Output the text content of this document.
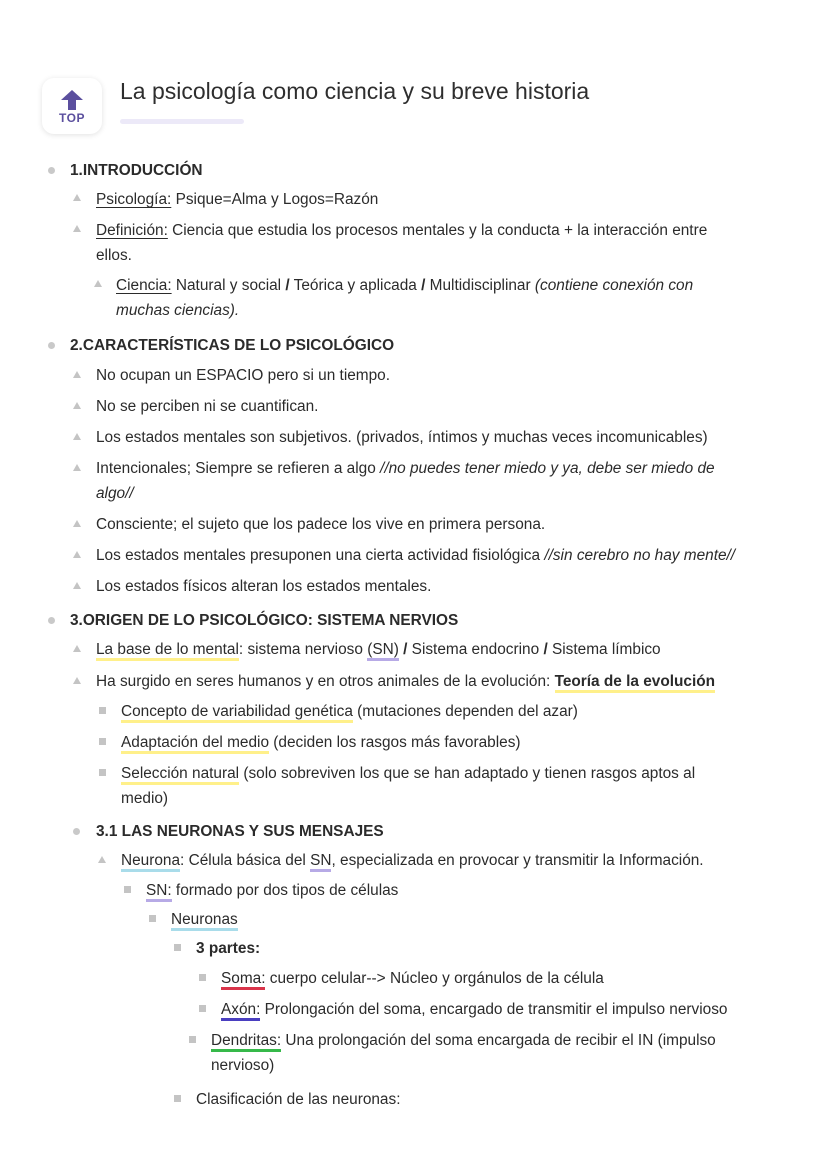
TOP
La psicología como ciencia y su breve historia
1.INTRODUCCIÓN
Psicología: Psique=Alma y Logos=Razón
Definición: Ciencia que estudia los procesos mentales y la conducta + la interacción entre
ellos.
Ciencia: Natural y social / Teórica y aplicada / Multidisciplinar (contiene conexión con
muchas ciencias).
2.CARACTERÍSTICAS DE LO PSICOLÓGICO
No ocupan un ESPACIO pero si un tiempo.
No se perciben ni se cuantifican.
Los estados mentales son subjetivos. (privados, íntimos y muchas veces incomunicables)
Intencionales; Siempre se refieren a algo //no puedes tener miedo y ya, debe ser miedo de
algo//
Consciente; el sujeto que los padece los vive en primera persona.
Los estados mentales presuponen una cierta actividad fisiológica //sin cerebro no hay mente//
Los estados físicos alteran los estados mentales.
3.ORIGEN DE LO PSICOLÓGICO: SISTEMA NERVIOS
La base de lo mental: sistema nervioso (SN) / Sistema endocrino / Sistema límbico
Ha surgido en seres humanos y en otros animales de la evolución: Teoría de la evolución
Concepto de variabilidad genética (mutaciones dependen del azar)
Adaptación del medio (deciden los rasgos más favorables)
Selección natural (solo sobreviven los que se han adaptado y tienen rasgos aptos al
medio)
3.1 LAS NEURONAS Y SUS MENSAJES
Neurona: Célula básica del SN, especializada en provocar y transmitir la Información.
SN: formado por dos tipos de células
Neuronas
3 partes:
Soma: cuerpo celular--> Núcleo y orgánulos de la célula
Axón: Prolongación del soma, encargado de transmitir el impulso nervioso
Dendritas: Una prolongación del soma encargada de recibir el IN (impulso
nervioso)
Clasificación de las neuronas:
